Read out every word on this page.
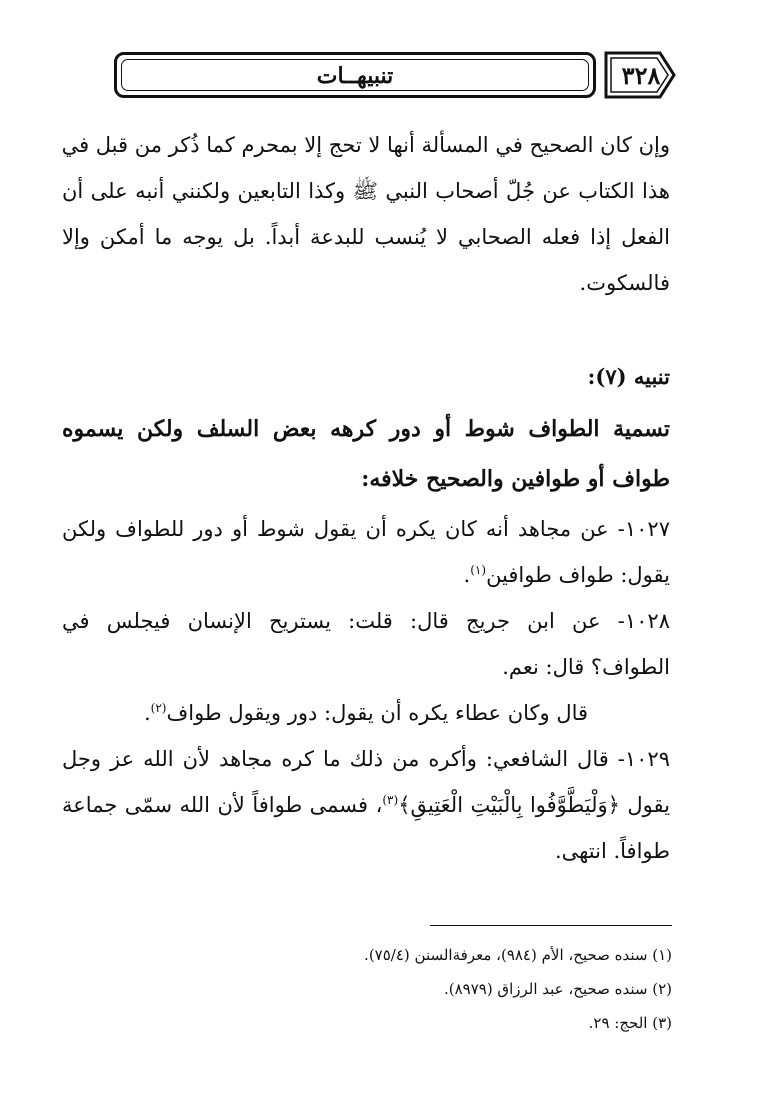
تنبيهــات	٣٢٨
وإن كان الصحيح في المسألة أنها لا تحج إلا بمحرم كما ذُكر من قبل في
هذا الكتاب عن جُلّ أصحاب النبي ﷺ وكذا التابعين ولكنني أنبه على أن
الفعل إذا فعله الصحابي لا يُنسب للبدعة أبداً. بل يوجه ما أمكن وإلا
فالسكوت.
تنبيه (٧):
تسمية الطواف شوط أو دور كرهه بعض السلف ولكن يسموه
طواف أو طوافين والصحيح خلافه:
١٠٢٧- عن مجاهد أنه كان يكره أن يقول شوط أو دور للطواف ولكن
يقول: طواف طوافين$^{(١)}$.
١٠٢٨- عن ابن جريج قال: قلت: يستريح الإنسان فيجلس في
الطواف؟ قال: نعم.
قال وكان عطاء يكره أن يقول: دور ويقول طواف$^{(٢)}$.
١٠٢٩- قال الشافعي: وأكره من ذلك ما كره مجاهد لأن الله عز وجل
يقول ﴿وَلْيَطَّوَّفُوا بِالْبَيْتِ الْعَتِيقِ﴾$^{(٣)}$، فسمى طوافاً لأن الله سمّى جماعة
طوافاً. انتهى.
(١) سنده صحيح، الأم (٩٨٤)، معرفةالسنن (٧٥/٤).
(٢) سنده صحيح، عبد الرزاق (٨٩٧٩).
(٣) الحج: ٢٩.
